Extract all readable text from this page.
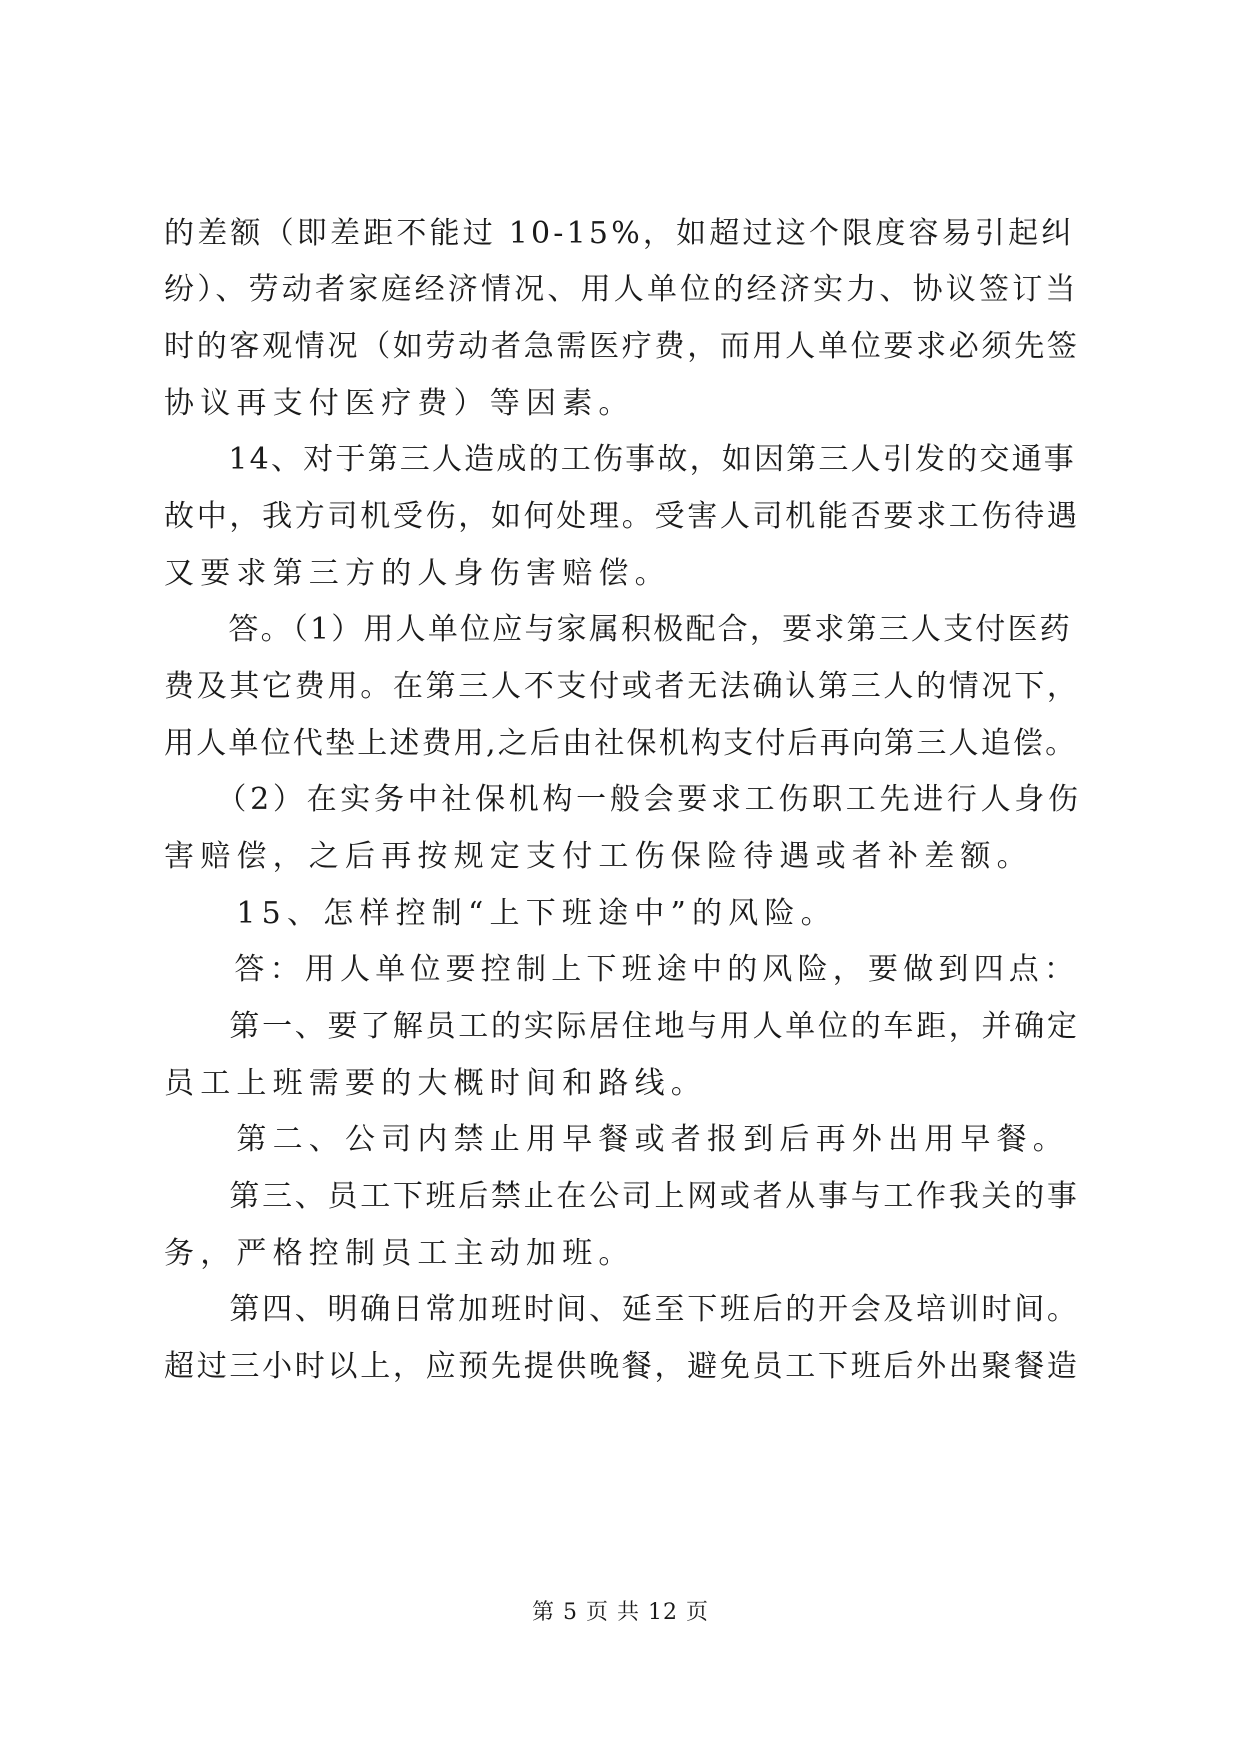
的差额（即差距不能过 10-15%，如超过这个限度容易引起纠
纷）、劳动者家庭经济情况、用人单位的经济实力、协议签订当
时的客观情况（如劳动者急需医疗费，而用人单位要求必须先签
协议再支付医疗费）等因素。
　　14、对于第三人造成的工伤事故，如因第三人引发的交通事
故中，我方司机受伤，如何处理。受害人司机能否要求工伤待遇
又要求第三方的人身伤害赔偿。
　　答。（1）用人单位应与家属积极配合，要求第三人支付医药
费及其它费用。在第三人不支付或者无法确认第三人的情况下，
用人单位代垫上述费用,之后由社保机构支付后再向第三人追偿。
　　（2）在实务中社保机构一般会要求工伤职工先进行人身伤
害赔偿，之后再按规定支付工伤保险待遇或者补差额。
　　15、怎样控制“上下班途中”的风险。
　　答：用人单位要控制上下班途中的风险，要做到四点：
　　第一、要了解员工的实际居住地与用人单位的车距，并确定
员工上班需要的大概时间和路线。
　　第二、公司内禁止用早餐或者报到后再外出用早餐。
　　第三、员工下班后禁止在公司上网或者从事与工作我关的事
务，严格控制员工主动加班。
　　第四、明确日常加班时间、延至下班后的开会及培训时间。
超过三小时以上，应预先提供晚餐，避免员工下班后外出聚餐造
第 5 页 共 12 页
